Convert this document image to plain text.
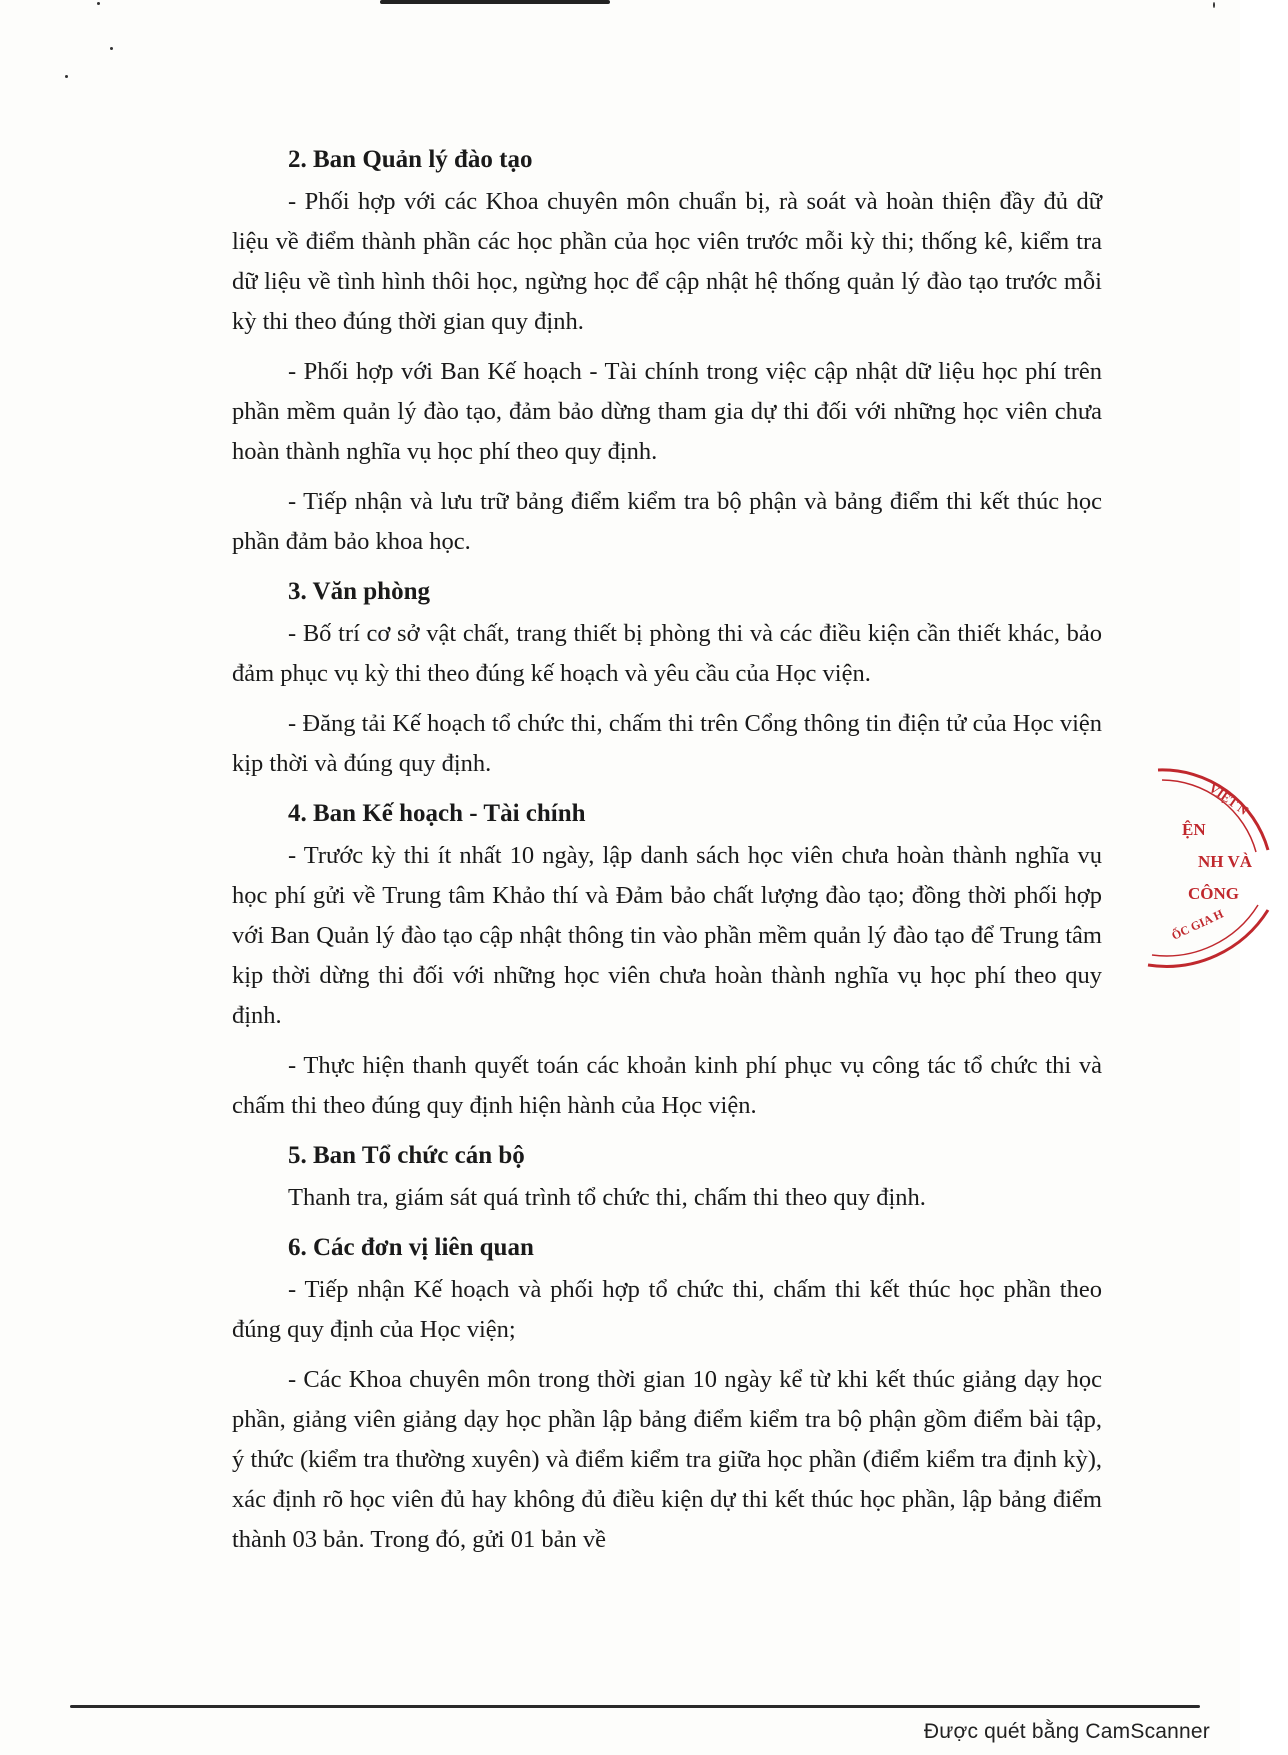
2. Ban Quản lý đào tạo

- Phối hợp với các Khoa chuyên môn chuẩn bị, rà soát và hoàn thiện đầy đủ dữ liệu về điểm thành phần các học phần của học viên trước mỗi kỳ thi; thống kê, kiểm tra dữ liệu về tình hình thôi học, ngừng học để cập nhật hệ thống quản lý đào tạo trước mỗi kỳ thi theo đúng thời gian quy định.

- Phối hợp với Ban Kế hoạch - Tài chính trong việc cập nhật dữ liệu học phí trên phần mềm quản lý đào tạo, đảm bảo dừng tham gia dự thi đối với những học viên chưa hoàn thành nghĩa vụ học phí theo quy định.

- Tiếp nhận và lưu trữ bảng điểm kiểm tra bộ phận và bảng điểm thi kết thúc học phần đảm bảo khoa học.

3. Văn phòng

- Bố trí cơ sở vật chất, trang thiết bị phòng thi và các điều kiện cần thiết khác, bảo đảm phục vụ kỳ thi theo đúng kế hoạch và yêu cầu của Học viện.

- Đăng tải Kế hoạch tổ chức thi, chấm thi trên Cổng thông tin điện tử của Học viện kịp thời và đúng quy định.

4. Ban Kế hoạch - Tài chính

- Trước kỳ thi ít nhất 10 ngày, lập danh sách học viên chưa hoàn thành nghĩa vụ học phí gửi về Trung tâm Khảo thí và Đảm bảo chất lượng đào tạo; đồng thời phối hợp với Ban Quản lý đào tạo cập nhật thông tin vào phần mềm quản lý đào tạo để Trung tâm kịp thời dừng thi đối với những học viên chưa hoàn thành nghĩa vụ học phí theo quy định.

- Thực hiện thanh quyết toán các khoản kinh phí phục vụ công tác tổ chức thi và chấm thi theo đúng quy định hiện hành của Học viện.

5. Ban Tổ chức cán bộ

Thanh tra, giám sát quá trình tổ chức thi, chấm thi theo quy định.

6. Các đơn vị liên quan

- Tiếp nhận Kế hoạch và phối hợp tổ chức thi, chấm thi kết thúc học phần theo đúng quy định của Học viện;

- Các Khoa chuyên môn trong thời gian 10 ngày kể từ khi kết thúc giảng dạy học phần, giảng viên giảng dạy học phần lập bảng điểm kiểm tra bộ phận gồm điểm bài tập, ý thức (kiểm tra thường xuyên) và điểm kiểm tra giữa học phần (điểm kiểm tra định kỳ), xác định rõ học viên đủ hay không đủ điều kiện dự thi kết thúc học phần, lập bảng điểm thành 03 bản. Trong đó, gửi 01 bản về

VIỆT N
ỆN
NH VÀ
CÔNG
ỐC GIA H
Được quét bằng CamScanner
